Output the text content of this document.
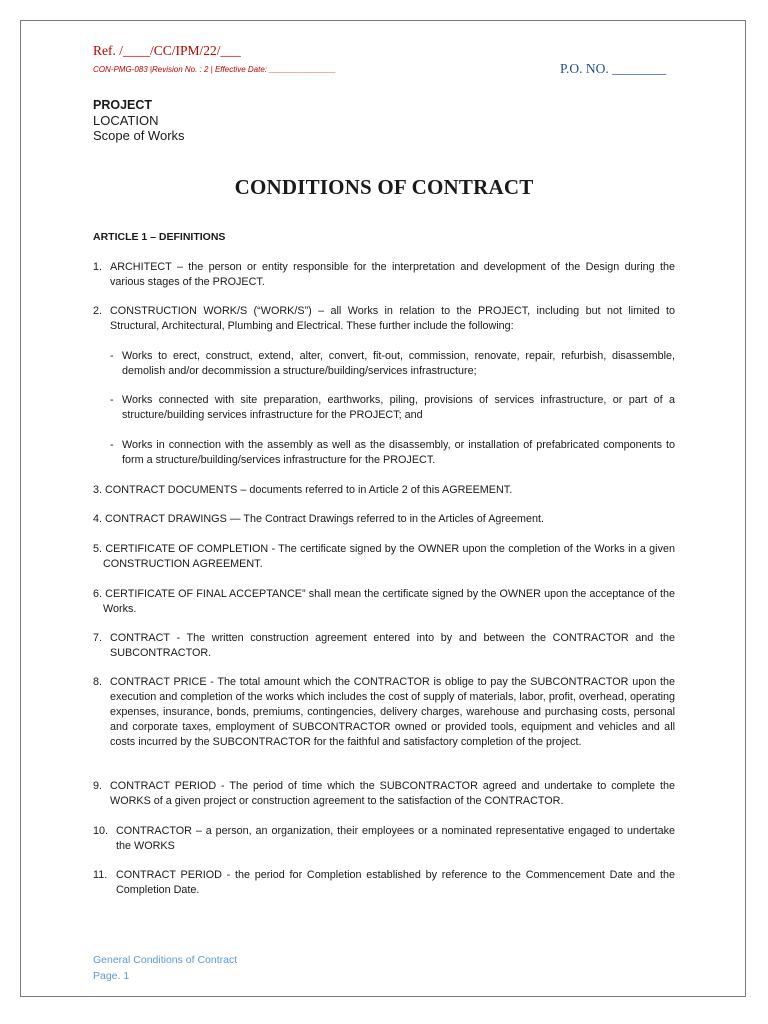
Ref. /____/CC/IPM/22/___
CON-PMG-083 |Revision No. : 2 | Effective Date: _______________	P.O. NO. ________
PROJECT
LOCATION
Scope of Works
CONDITIONS OF CONTRACT
ARTICLE 1 – DEFINITIONS
1. ARCHITECT – the person or entity responsible for the interpretation and development of the Design during the various stages of the PROJECT.
2. CONSTRUCTION WORK/S (“WORK/S”) – all Works in relation to the PROJECT, including but not limited to Structural, Architectural, Plumbing and Electrical. These further include the following:
- Works to erect, construct, extend, alter, convert, fit-out, commission, renovate, repair, refurbish, disassemble, demolish and/or decommission a structure/building/services infrastructure;
- Works connected with site preparation, earthworks, piling, provisions of services infrastructure, or part of a structure/building services infrastructure for the PROJECT; and
- Works in connection with the assembly as well as the disassembly, or installation of prefabricated components to form a structure/building/services infrastructure for the PROJECT.
3. CONTRACT DOCUMENTS – documents referred to in Article 2 of this AGREEMENT.
4. CONTRACT DRAWINGS — The Contract Drawings referred to in the Articles of Agreement.
5. CERTIFICATE OF COMPLETION - The certificate signed by the OWNER upon the completion of the Works in a given CONSTRUCTION AGREEMENT.
6. CERTIFICATE OF FINAL ACCEPTANCE” shall mean the certificate signed by the OWNER upon the acceptance of the Works.
7. CONTRACT - The written construction agreement entered into by and between the CONTRACTOR and the SUBCONTRACTOR.
8. CONTRACT PRICE - The total amount which the CONTRACTOR is oblige to pay the SUBCONTRACTOR upon the execution and completion of the works which includes the cost of supply of materials, labor, profit, overhead, operating expenses, insurance, bonds, premiums, contingencies, delivery charges, warehouse and purchasing costs, personal and corporate taxes, employment of SUBCONTRACTOR owned or provided tools, equipment and vehicles and all costs incurred by the SUBCONTRACTOR for the faithful and satisfactory completion of the project.
9. CONTRACT PERIOD - The period of time which the SUBCONTRACTOR agreed and undertake to complete the WORKS of a given project or construction agreement to the satisfaction of the CONTRACTOR.
10. CONTRACTOR – a person, an organization, their employees or a nominated representative engaged to undertake the WORKS
11. CONTRACT PERIOD - the period for Completion established by reference to the Commencement Date and the Completion Date.
General Conditions of Contract
Page. 1
